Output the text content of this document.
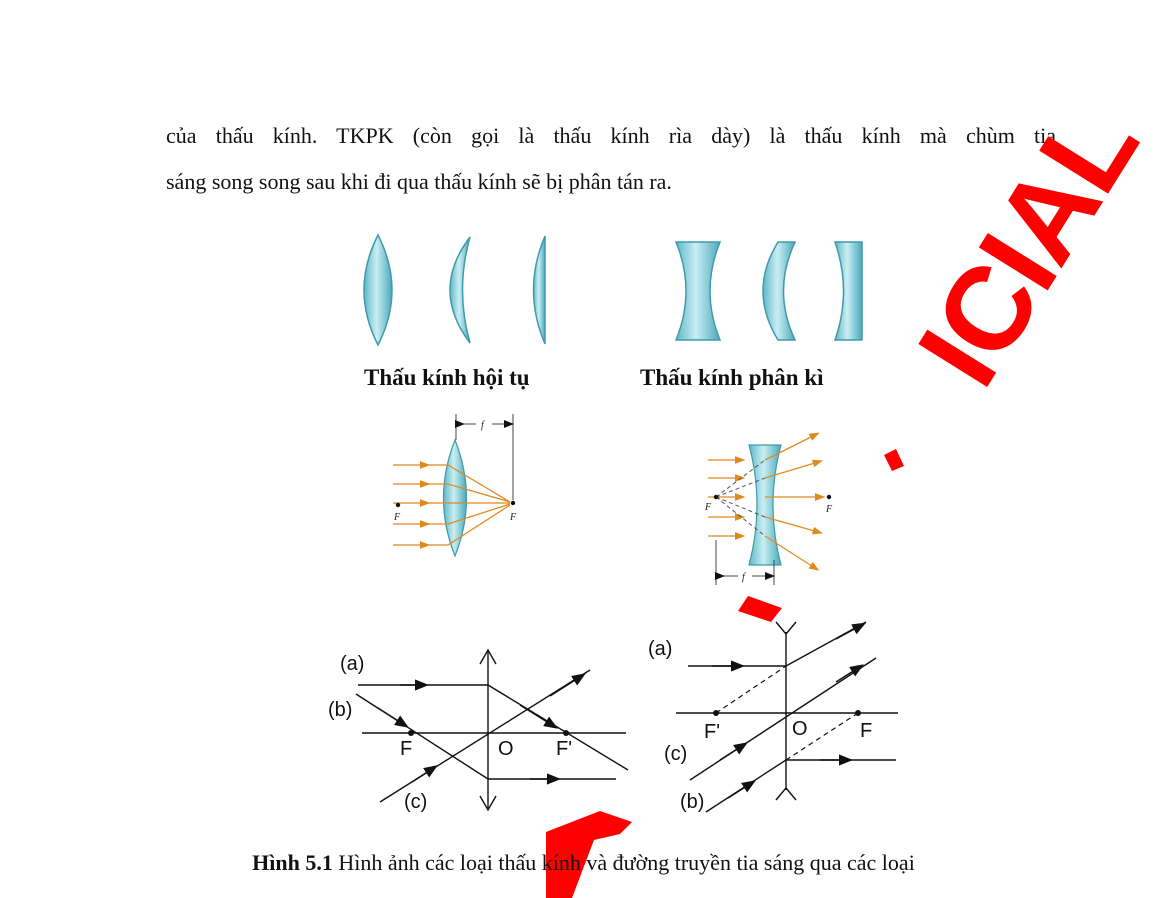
của thấu kính. TKPK (còn gọi là thấu kính rìa dày) là thấu kính mà chùm tia
sáng song song sau khi đi qua thấu kính sẽ bị phân tán ra.

Thấu kính hội tụ	Thấu kính phân kì
f
F	F
F	F
f
(a)
(b)
(c)
F	O F'
(a)
(c)
(b)
F'	O	F
ICIAL
Hình 5.1 Hình ảnh các loại thấu kính và đường truyền tia sáng qua các loại
